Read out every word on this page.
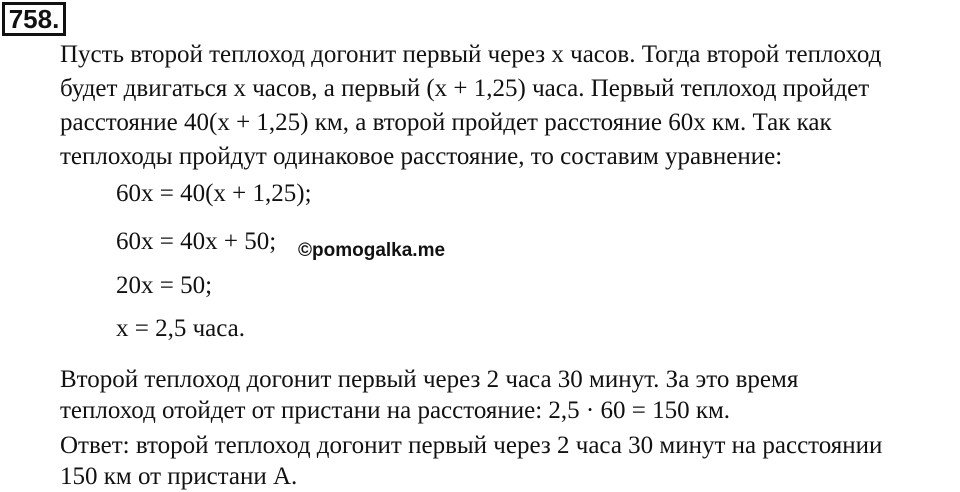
758.
Пусть второй теплоход догонит первый через x часов. Тогда второй теплоход
будет двигаться x часов, а первый (x + 1,25) часа. Первый теплоход пройдет
расстояние 40(x + 1,25) км, а второй пройдет расстояние 60x км. Так как
теплоходы пройдут одинаковое расстояние, то составим уравнение:
60x = 40(x + 1,25);
60x = 40x + 50;
20x = 50;
x = 2,5 часа.
©pomogalka.me
Второй теплоход догонит первый через 2 часа 30 минут. За это время
теплоход отойдет от пристани на расстояние: 2,5 · 60 = 150 км.
Ответ: второй теплоход догонит первый через 2 часа 30 минут на расстоянии
150 км от пристани A.
